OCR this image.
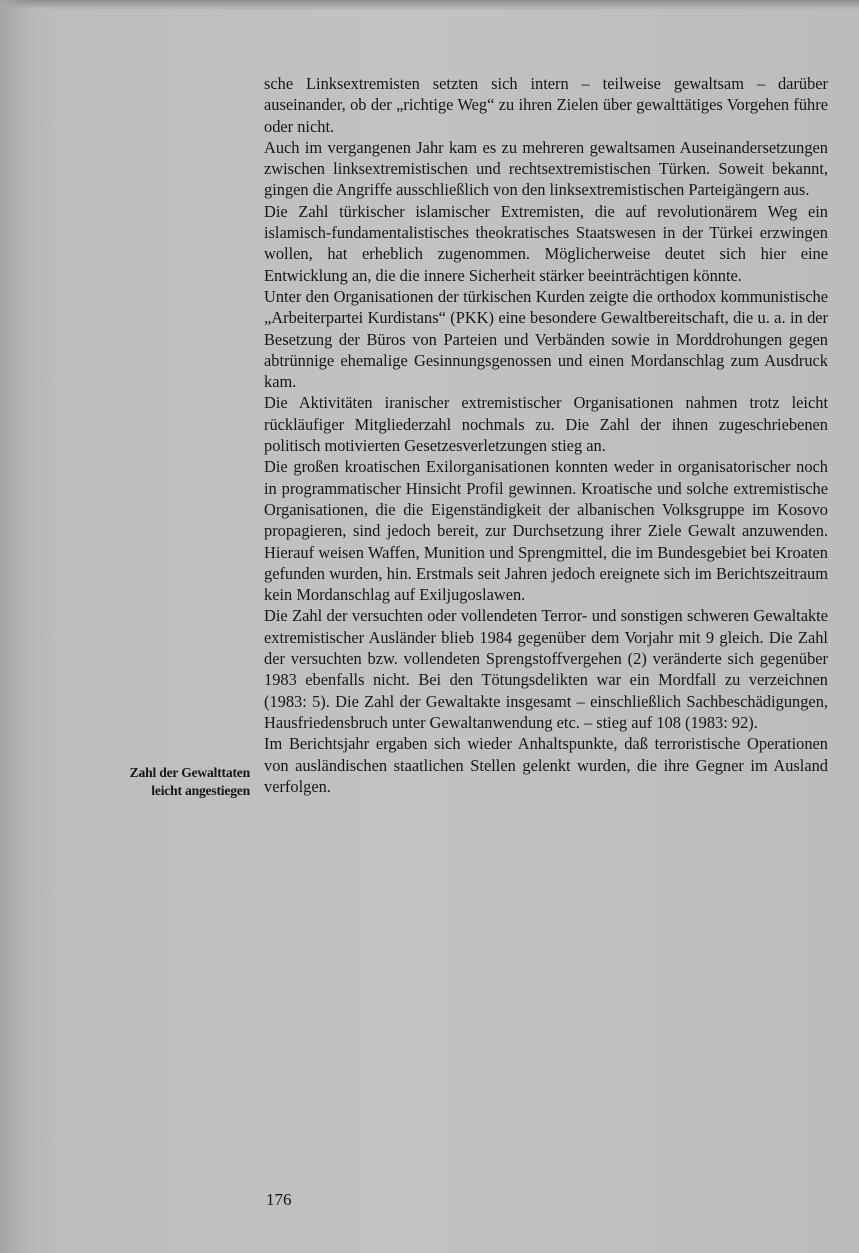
sche Linksextremisten setzten sich intern – teilweise gewaltsam – darüber auseinander, ob der „richtige Weg“ zu ihren Zielen über gewalttätiges Vorgehen führe oder nicht.

Auch im vergangenen Jahr kam es zu mehreren gewaltsamen Auseinandersetzungen zwischen linksextremistischen und rechtsextremistischen Türken. Soweit bekannt, gingen die Angriffe ausschließlich von den linksextremistischen Parteigängern aus.

Die Zahl türkischer islamischer Extremisten, die auf revolutionärem Weg ein islamisch-fundamentalistisches theokratisches Staatswesen in der Türkei erzwingen wollen, hat erheblich zugenommen. Möglicherweise deutet sich hier eine Entwicklung an, die die innere Sicherheit stärker beeinträchtigen könnte.

Unter den Organisationen der türkischen Kurden zeigte die orthodox kommunistische „Arbeiterpartei Kurdistans“ (PKK) eine besondere Gewaltbereitschaft, die u. a. in der Besetzung der Büros von Parteien und Verbänden sowie in Morddrohungen gegen abtrünnige ehemalige Gesinnungsgenossen und einen Mordanschlag zum Ausdruck kam.

Die Aktivitäten iranischer extremistischer Organisationen nahmen trotz leicht rückläufiger Mitgliederzahl nochmals zu. Die Zahl der ihnen zugeschriebenen politisch motivierten Gesetzesverletzungen stieg an.

Die großen kroatischen Exilorganisationen konnten weder in organisatorischer noch in programmatischer Hinsicht Profil gewinnen. Kroatische und solche extremistische Organisationen, die die Eigenständigkeit der albanischen Volksgruppe im Kosovo propagieren, sind jedoch bereit, zur Durchsetzung ihrer Ziele Gewalt anzuwenden. Hierauf weisen Waffen, Munition und Sprengmittel, die im Bundesgebiet bei Kroaten gefunden wurden, hin. Erstmals seit Jahren jedoch ereignete sich im Berichtszeitraum kein Mordanschlag auf Exiljugoslawen.

Die Zahl der versuchten oder vollendeten Terror- und sonstigen schweren Gewaltakte extremistischer Ausländer blieb 1984 gegenüber dem Vorjahr mit 9 gleich. Die Zahl der versuchten bzw. vollendeten Sprengstoffvergehen (2) veränderte sich gegenüber 1983 ebenfalls nicht. Bei den Tötungsdelikten war ein Mordfall zu verzeichnen (1983: 5). Die Zahl der Gewaltakte insgesamt – einschließlich Sachbeschädigungen, Hausfriedensbruch unter Gewaltanwendung etc. – stieg auf 108 (1983: 92).

Im Berichtsjahr ergaben sich wieder Anhaltspunkte, daß terroristische Operationen von ausländischen staatlichen Stellen gelenkt wurden, die ihre Gegner im Ausland verfolgen.

Zahl der Gewalttaten
leicht angestiegen
176
